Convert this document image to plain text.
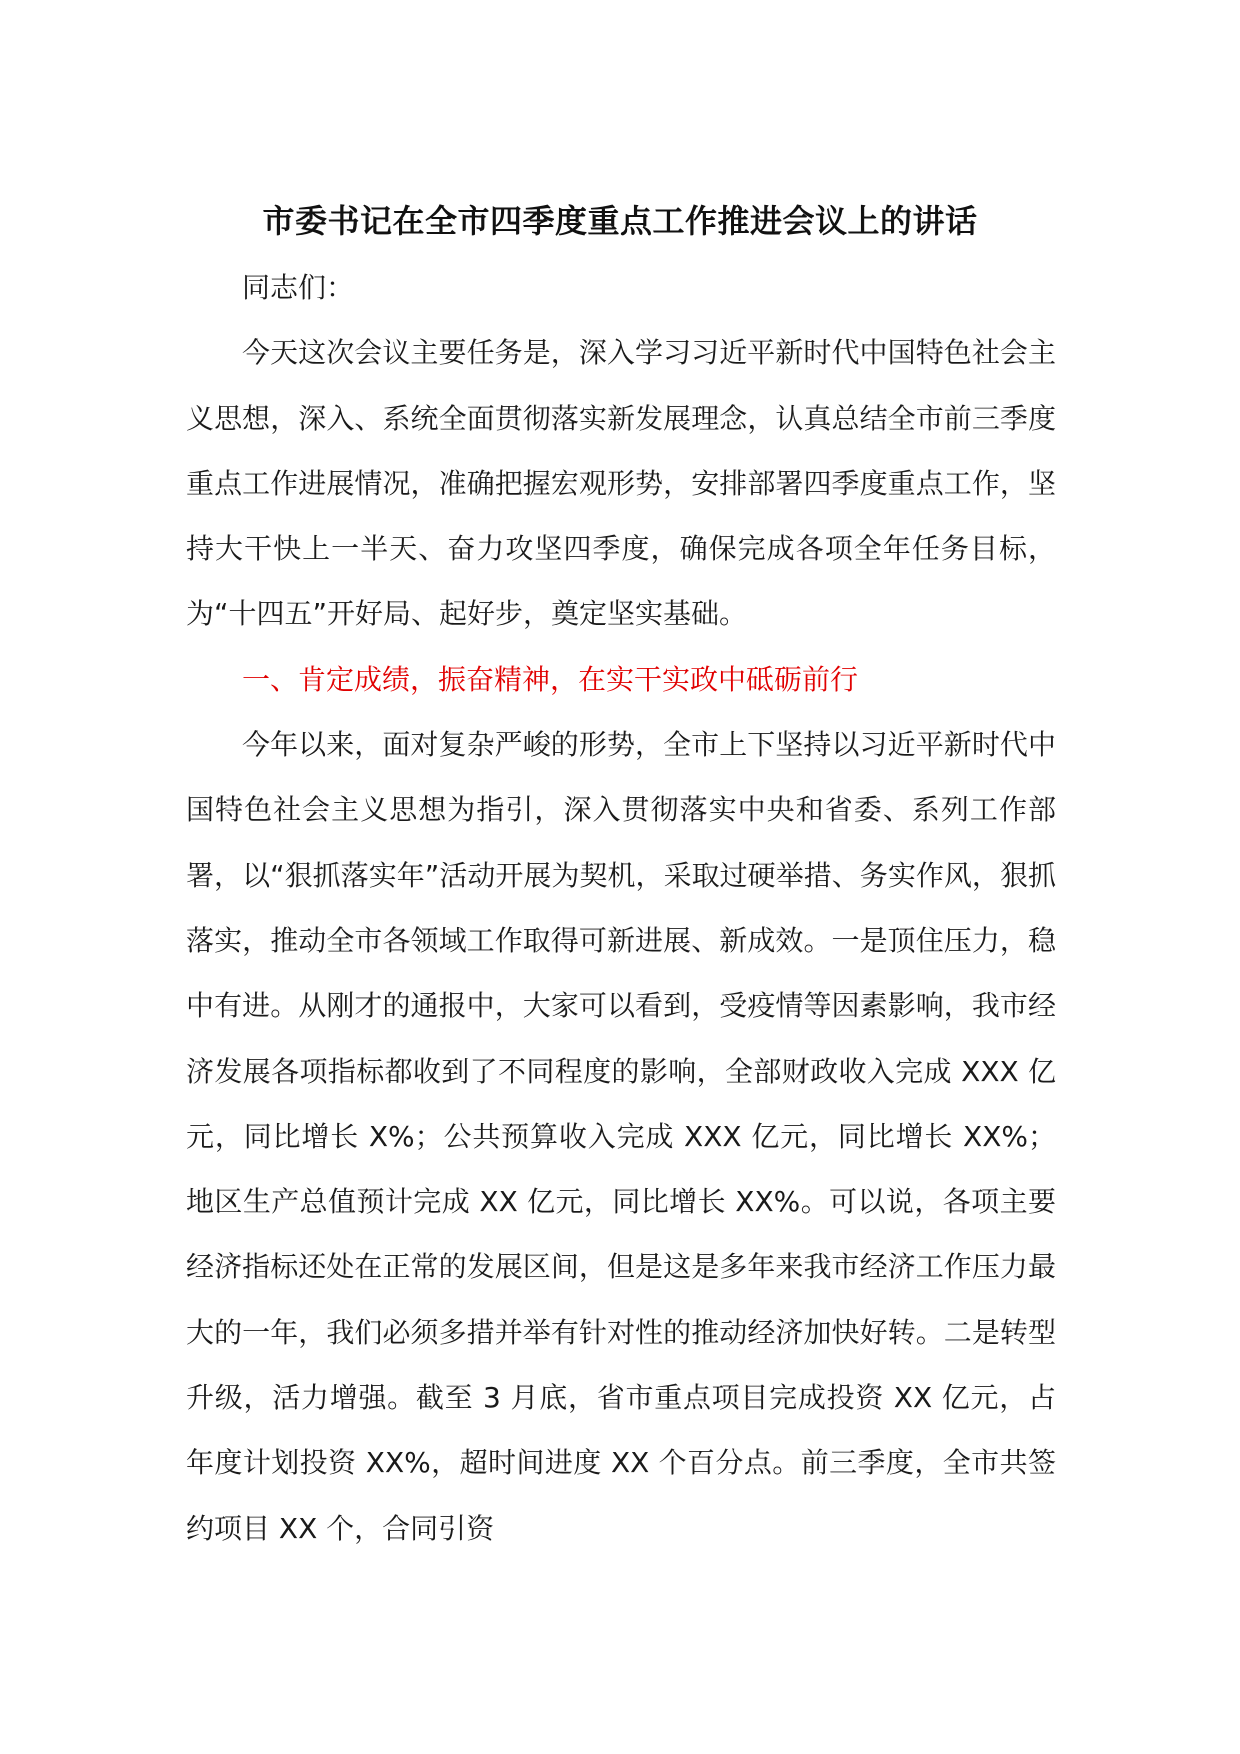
市委书记在全市四季度重点工作推进会议上的讲话

同志们：

今天这次会议主要任务是，深入学习习近平新时代中国特色社会主义思想，深入、系统全面贯彻落实新发展理念，认真总结全市前三季度重点工作进展情况，准确把握宏观形势，安排部署四季度重点工作，坚持大干快上一半天、奋力攻坚四季度，确保完成各项全年任务目标，为“十四五”开好局、起好步，奠定坚实基础。

一、肯定成绩，振奋精神，在实干实政中砥砺前行

今年以来，面对复杂严峻的形势，全市上下坚持以习近平新时代中国特色社会主义思想为指引，深入贯彻落实中央和省委、系列工作部署，以“狠抓落实年”活动开展为契机，采取过硬举措、务实作风，狠抓落实，推动全市各领域工作取得可新进展、新成效。一是顶住压力，稳中有进。从刚才的通报中，大家可以看到，受疫情等因素影响，我市经济发展各项指标都收到了不同程度的影响，全部财政收入完成 XXX 亿元，同比增长 X%；公共预算收入完成 XXX 亿元，同比增长 XX%；地区生产总值预计完成 XX 亿元，同比增长 XX%。可以说，各项主要经济指标还处在正常的发展区间，但是这是多年来我市经济工作压力最大的一年，我们必须多措并举有针对性的推动经济加快好转。二是转型升级，活力增强。截至 3 月底，省市重点项目完成投资 XX 亿元，占年度计划投资 XX%，超时间进度 XX 个百分点。前三季度，全市共签约项目 XX 个，合同引资
